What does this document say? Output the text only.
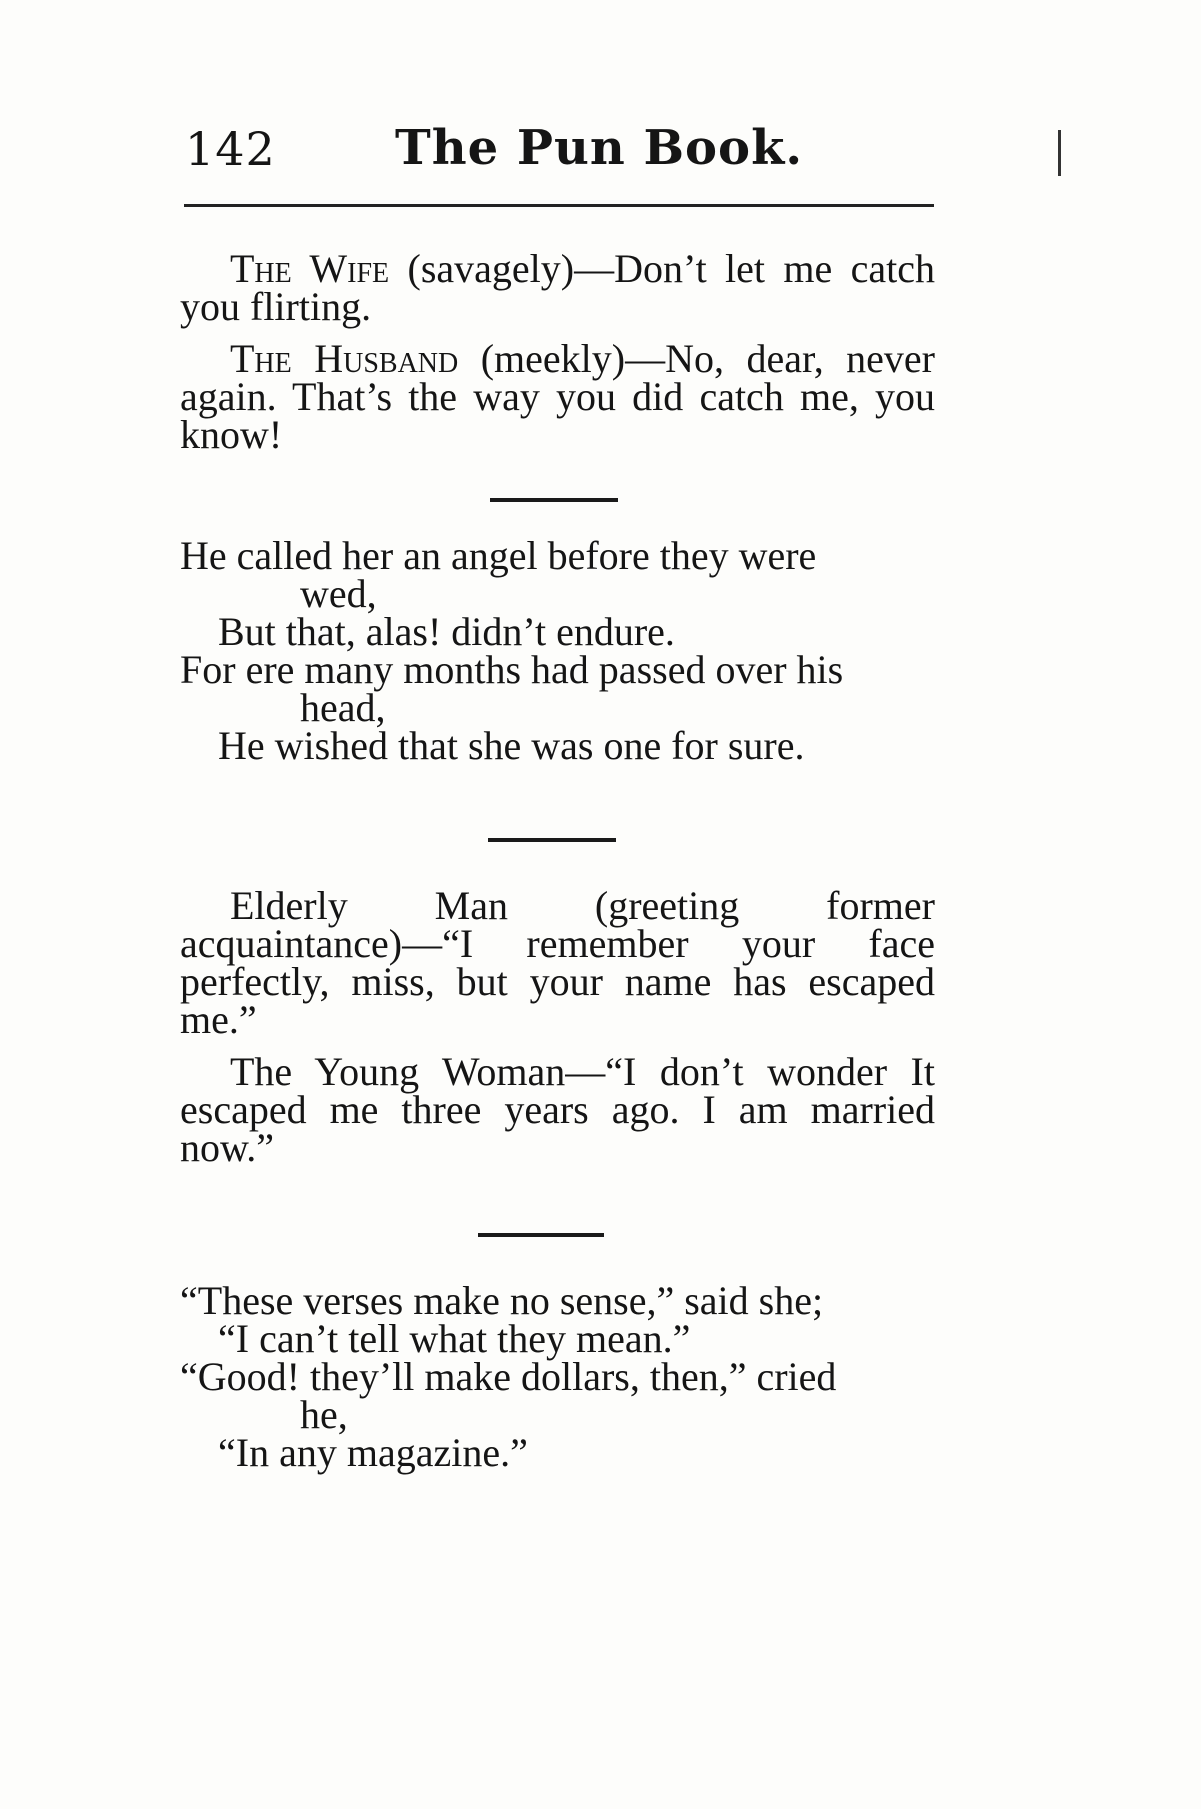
142 The Pun Book.

The Wife (savagely)—Don’t let me catch you flirting.

The Husband (meekly)—No, dear, never again. That’s the way you did catch me, you know!

He called her an angel before they were

wed,

But that, alas! didn’t endure.

For ere many months had passed over his

head,

He wished that she was one for sure.

Elderly Man (greeting former acquaintance)—“I remember your face perfectly, miss, but your name has escaped me.”

The Young Woman—“I don’t wonder It escaped me three years ago. I am married now.”

“These verses make no sense,” said she;

“I can’t tell what they mean.”

“Good! they’ll make dollars, then,” cried

he,

“In any magazine.”
